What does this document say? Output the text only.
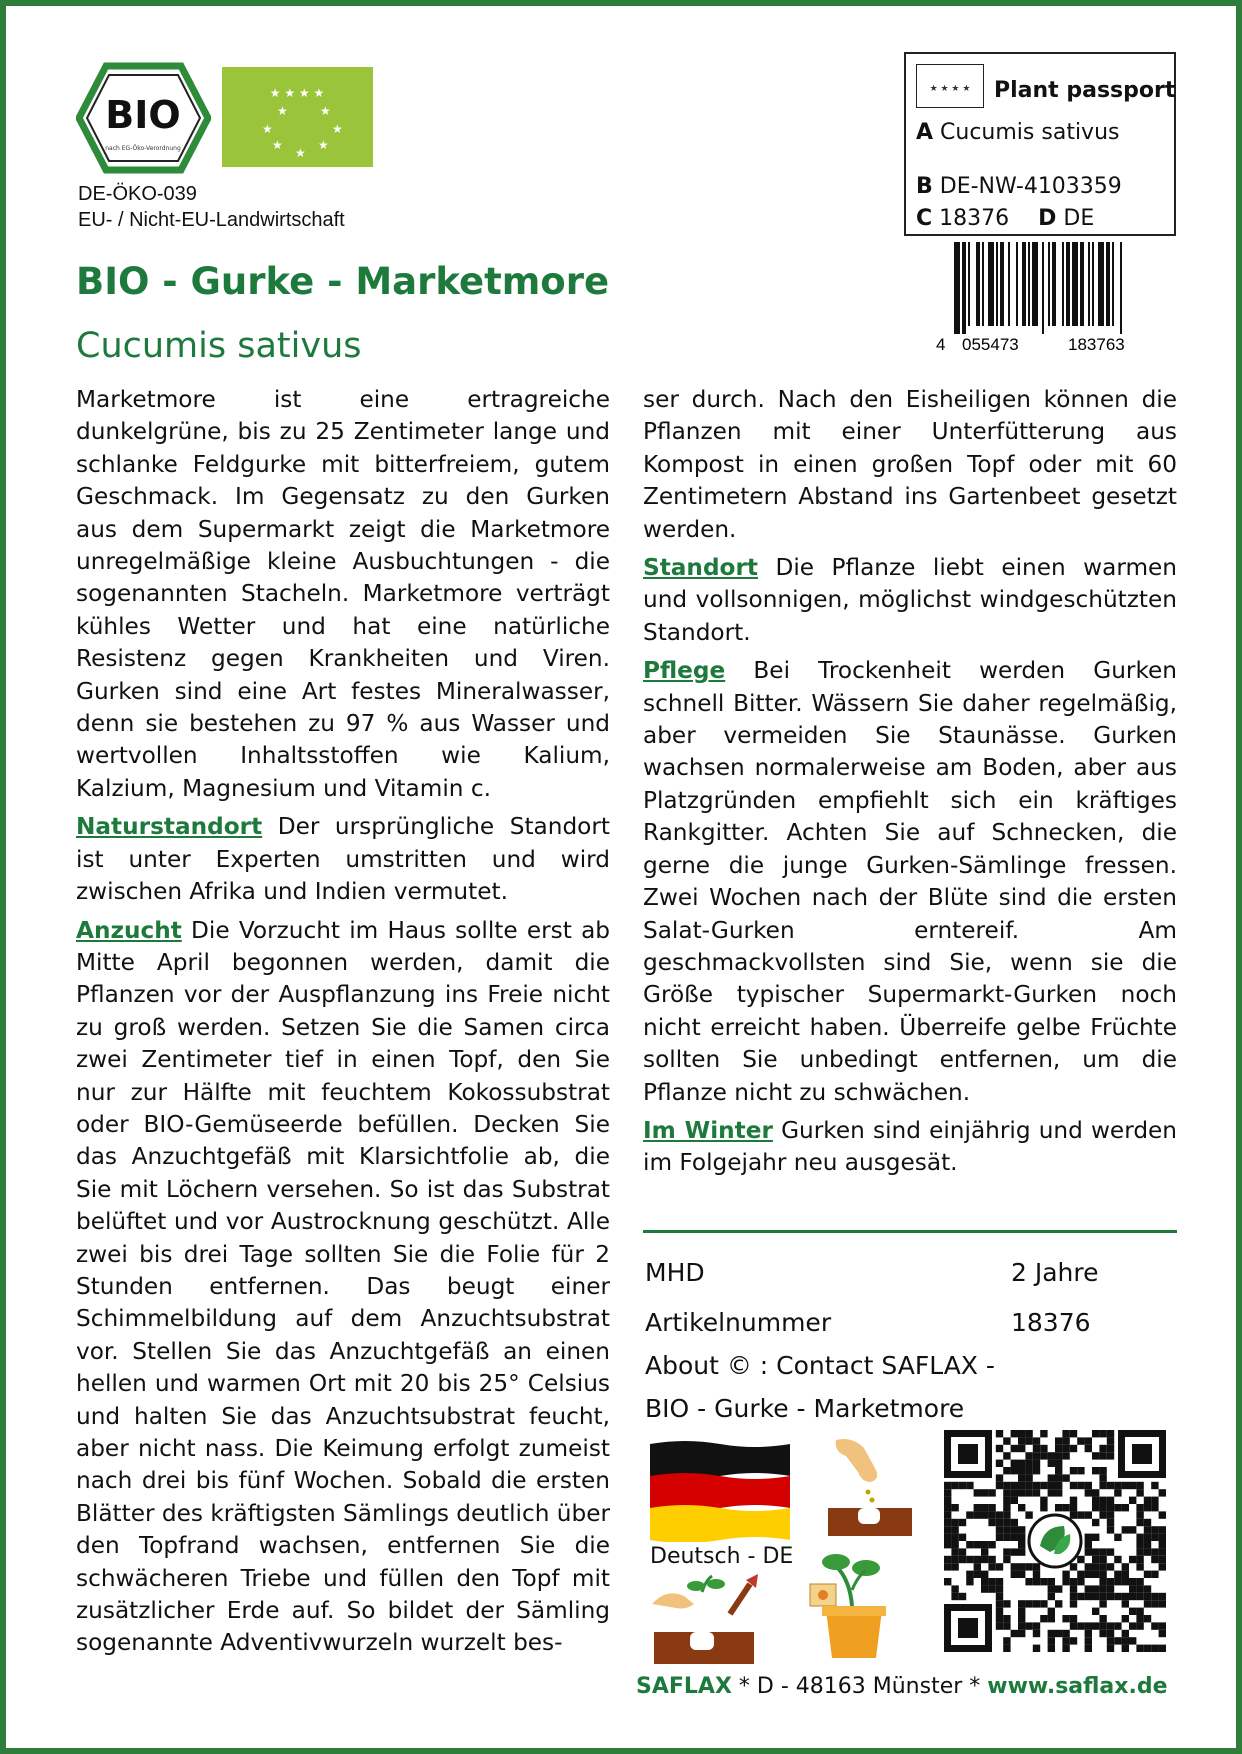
BIO
nach EG-Öko-Verordnung
★ ★ ★ ★
★	★
★	★
★	★
★
DE-ÖKO-039
EU- / Nicht-EU-Landwirtschaft
★ ★ ★ ★ Plant passport
A Cucumis sativus
B DE-NW-4103359
C 18376 D DE
4 055473	183763
BIO - Gurke - Marketmore
Cucumis sativus

Marketmore ist eine ertragreiche dunkelgrüne, bis zu 25 Zentimeter lange und schlanke Feldgurke mit bitterfreiem, gutem Geschmack. Im Gegensatz zu den Gurken aus dem Supermarkt zeigt die Marketmore unregelmäßige kleine Ausbuchtungen - die sogenannten Stacheln. Marketmore verträgt kühles Wetter und hat eine natürliche Resistenz gegen Krankheiten und Viren. Gurken sind eine Art festes Mineralwasser, denn sie bestehen zu 97 % aus Wasser und wertvollen Inhaltsstoffen wie Kalium, Kalzium, Magnesium und Vitamin c.

Naturstandort Der ursprüngliche Standort ist unter Experten umstritten und wird zwischen Afrika und Indien vermutet.

Anzucht Die Vorzucht im Haus sollte erst ab Mitte April begonnen werden, damit die Pflanzen vor der Auspflanzung ins Freie nicht zu groß werden. Setzen Sie die Samen circa zwei Zentimeter tief in einen Topf, den Sie nur zur Hälfte mit feuchtem Kokossubstrat oder BIO-Gemüseerde befüllen. Decken Sie das Anzuchtgefäß mit Klarsichtfolie ab, die Sie mit Löchern versehen. So ist das Substrat belüftet und vor Austrocknung geschützt. Alle zwei bis drei Tage sollten Sie die Folie für 2 Stunden entfernen. Das beugt einer Schimmelbildung auf dem Anzuchtsubstrat vor. Stellen Sie das Anzuchtgefäß an einen hellen und warmen Ort mit 20 bis 25° Celsius und halten Sie das Anzuchtsubstrat feucht, aber nicht nass. Die Keimung erfolgt zumeist nach drei bis fünf Wochen. Sobald die ersten Blätter des kräftigsten Sämlings deutlich über den Topfrand wachsen, entfernen Sie die schwächeren Triebe und füllen den Topf mit zusätzlicher Erde auf. So bildet der Sämling sogenannte Adventivwurzeln wurzelt bes-

ser durch. Nach den Eisheiligen können die Pflanzen mit einer Unterfütterung aus Kompost in einen großen Topf oder mit 60 Zentimetern Abstand ins Gartenbeet gesetzt werden.

Standort Die Pflanze liebt einen warmen und vollsonnigen, möglichst windgeschützten Standort.

Pflege Bei Trockenheit werden Gurken schnell Bitter. Wässern Sie daher regelmäßig, aber vermeiden Sie Staunässe. Gurken wachsen normalerweise am Boden, aber aus Platzgründen empfiehlt sich ein kräftiges Rankgitter. Achten Sie auf Schnecken, die gerne die junge Gurken-Sämlinge fressen. Zwei Wochen nach der Blüte sind die ersten Salat-Gurken erntereif. Am geschmackvollsten sind Sie, wenn sie die Größe typischer Supermarkt-Gurken noch nicht erreicht haben. Überreife gelbe Früchte sollten Sie unbedingt entfernen, um die Pflanze nicht zu schwächen.

Im Winter Gurken sind einjährig und werden im Folgejahr neu ausgesät.

MHD	2 Jahre
Artikelnummer	18376
About © : Contact SAFLAX -
BIO - Gurke - Marketmore
Deutsch - DE
SAFLAX * D - 48163 Münster * www.saflax.de
